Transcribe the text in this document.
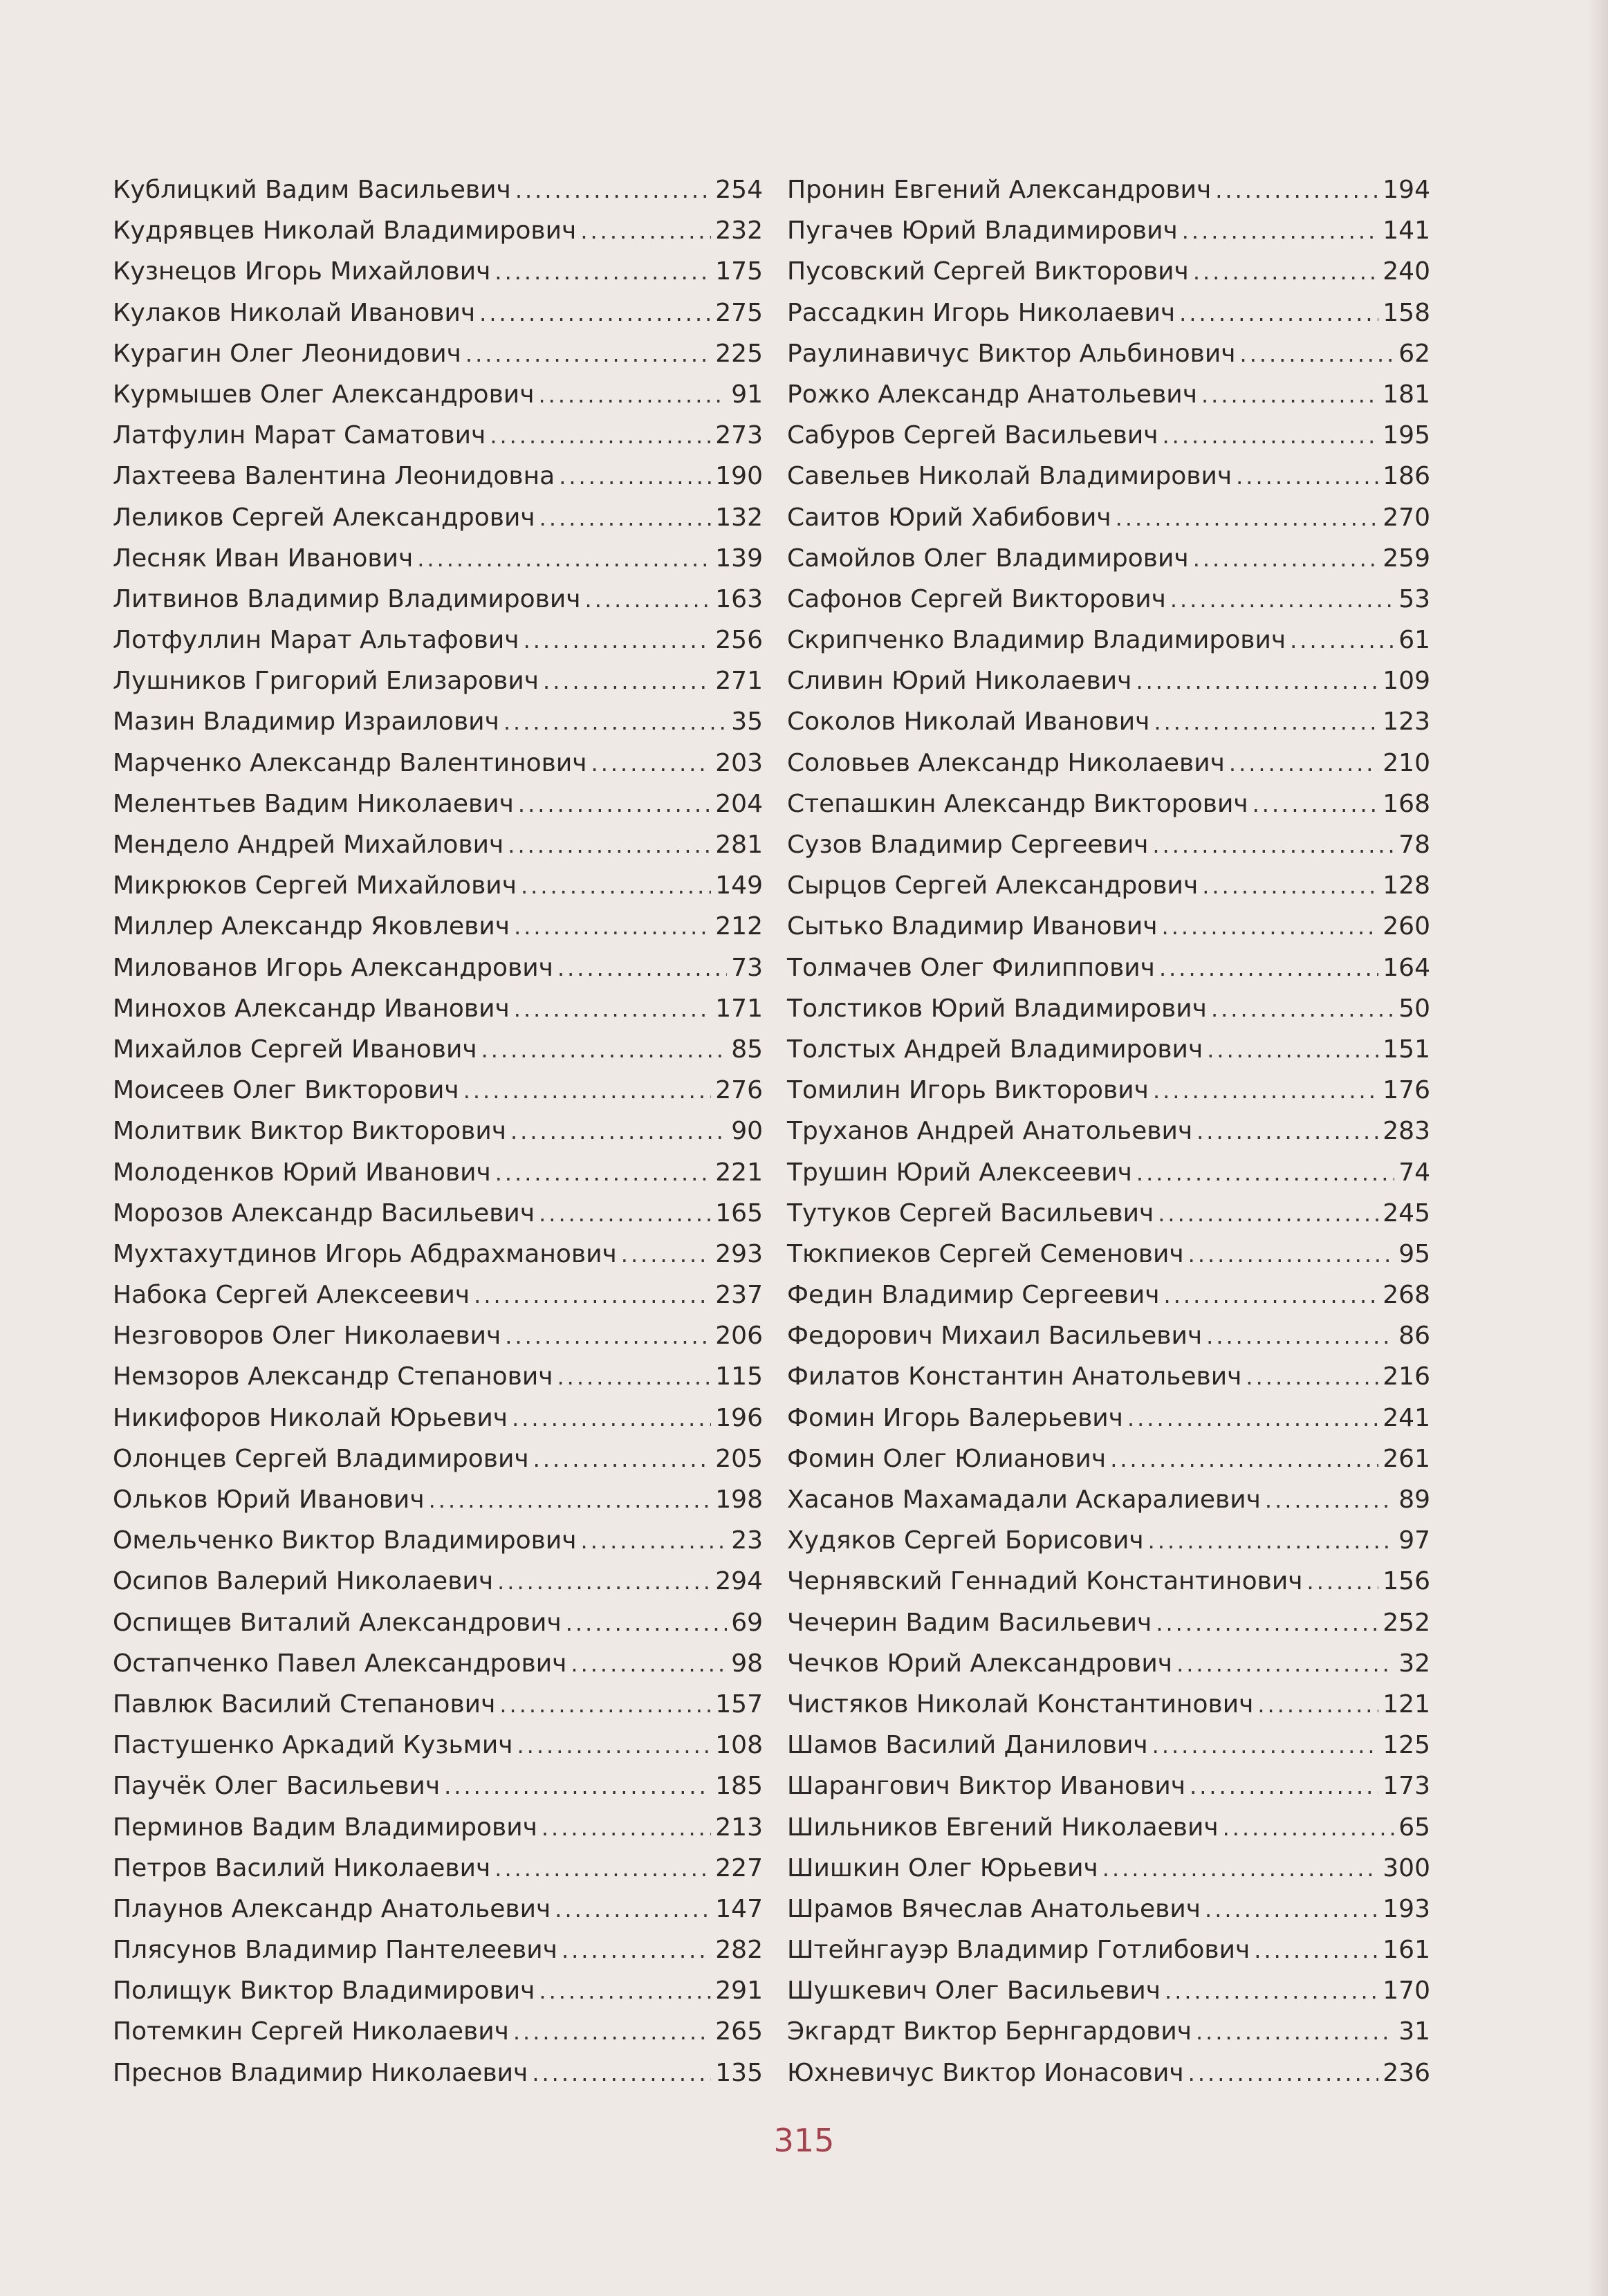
Кублицкий Вадим Васильевич .....	254
Кудрявцев Николай Владимирович .....	232
Кузнецов Игорь Михайлович .....	175
Кулаков Николай Иванович .....	275
Курагин Олег Леонидович .....	225
Курмышев Олег Александрович .....	91
Латфулин Марат Саматович .....	273
Лахтеева Валентина Леонидовна .....	190
Леликов Сергей Александрович .....	132
Лесняк Иван Иванович .....	139
Литвинов Владимир Владимирович .....	163
Лотфуллин Марат Альтафович .....	256
Лушников Григорий Елизарович .....	271
Мазин Владимир Израилович .....	35
Марченко Александр Валентинович .....	203
Мелентьев Вадим Николаевич .....	204
Мендело Андрей Михайлович .....	281
Микрюков Сергей Михайлович .....	149
Миллер Александр Яковлевич .....	212
Милованов Игорь Александрович .....	73
Минохов Александр Иванович .....	171
Михайлов Сергей Иванович .....	85
Моисеев Олег Викторович .....	276
Молитвик Виктор Викторович .....	90
Молоденков Юрий Иванович .....	221
Морозов Александр Васильевич .....	165
Мухтахутдинов Игорь Абдрахманович .....	293
Набока Сергей Алексеевич .....	237
Незговоров Олег Николаевич .....	206
Немзоров Александр Степанович .....	115
Никифоров Николай Юрьевич .....	196
Олонцев Сергей Владимирович .....	205
Ольков Юрий Иванович .....	198
Омельченко Виктор Владимирович .....	23
Осипов Валерий Николаевич .....	294
Оспищев Виталий Александрович .....	69
Остапченко Павел Александрович .....	98
Павлюк Василий Степанович .....	157
Пастушенко Аркадий Кузьмич .....	108
Паучёк Олег Васильевич .....	185
Перминов Вадим Владимирович .....	213
Петров Василий Николаевич .....	227
Плаунов Александр Анатольевич .....	147
Плясунов Владимир Пантелеевич .....	282
Полищук Виктор Владимирович .....	291
Потемкин Сергей Николаевич .....	265
Преснов Владимир Николаевич .....	135
Пронин Евгений Александрович .....	194
Пугачев Юрий Владимирович .....	141
Пусовский Сергей Викторович .....	240
Рассадкин Игорь Николаевич .....	158
Раулинавичус Виктор Альбинович .....	62
Рожко Александр Анатольевич .....	181
Сабуров Сергей Васильевич .....	195
Савельев Николай Владимирович .....	186
Саитов Юрий Хабибович .....	270
Самойлов Олег Владимирович .....	259
Сафонов Сергей Викторович .....	53
Скрипченко Владимир Владимирович .....	61
Сливин Юрий Николаевич .....	109
Соколов Николай Иванович .....	123
Соловьев Александр Николаевич .....	210
Степашкин Александр Викторович .....	168
Сузов Владимир Сергеевич .....	78
Сырцов Сергей Александрович .....	128
Сытько Владимир Иванович .....	260
Толмачев Олег Филиппович .....	164
Толстиков Юрий Владимирович .....	50
Толстых Андрей Владимирович .....	151
Томилин Игорь Викторович .....	176
Труханов Андрей Анатольевич .....	283
Трушин Юрий Алексеевич .....	74
Тутуков Сергей Васильевич .....	245
Тюкпиеков Сергей Семенович .....	95
Федин Владимир Сергеевич .....	268
Федорович Михаил Васильевич .....	86
Филатов Константин Анатольевич .....	216
Фомин Игорь Валерьевич .....	241
Фомин Олег Юлианович .....	261
Хасанов Махамадали Аскаралиевич .....	89
Худяков Сергей Борисович .....	97
Чернявский Геннадий Константинович .....	156
Чечерин Вадим Васильевич .....	252
Чечков Юрий Александрович .....	32
Чистяков Николай Константинович .....	121
Шамов Василий Данилович .....	125
Шарангович Виктор Иванович .....	173
Шильников Евгений Николаевич .....	65
Шишкин Олег Юрьевич .....	300
Шрамов Вячеслав Анатольевич .....	193
Штейнгауэр Владимир Готлибович .....	161
Шушкевич Олег Васильевич .....	170
Экгардт Виктор Бернгардович .....	31
Юхневичус Виктор Ионасович .....	236
315
